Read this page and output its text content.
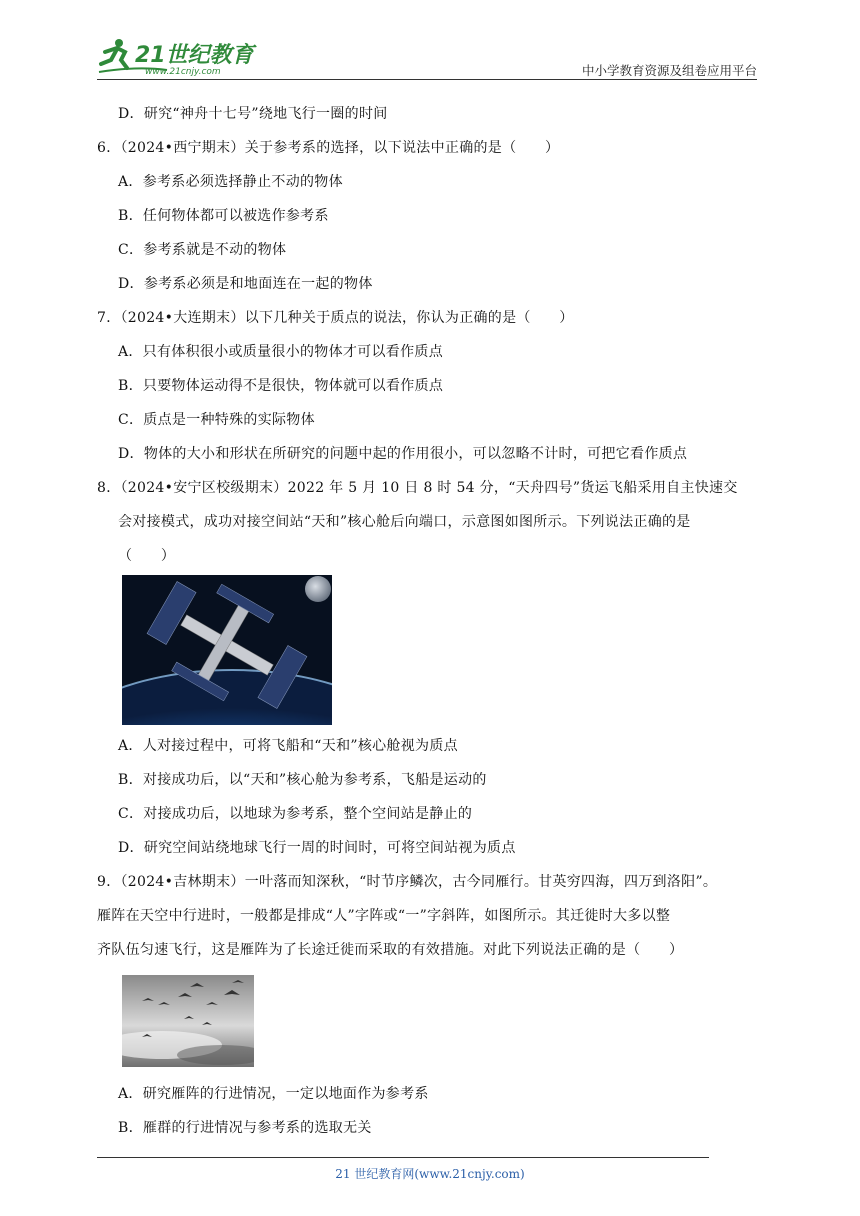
21世纪教育
www.21cnjy.com	中小学教育资源及组卷应用平台
D．研究“神舟十七号”绕地飞行一圈的时间
6．（2024•西宁期末）关于参考系的选择，以下说法中正确的是（　　）
A．参考系必须选择静止不动的物体
B．任何物体都可以被选作参考系
C．参考系就是不动的物体
D．参考系必须是和地面连在一起的物体
7．（2024•大连期末）以下几种关于质点的说法，你认为正确的是（　　）
A．只有体积很小或质量很小的物体才可以看作质点
B．只要物体运动得不是很快，物体就可以看作质点
C．质点是一种特殊的实际物体
D．物体的大小和形状在所研究的问题中起的作用很小，可以忽略不计时，可把它看作质点
8．（2024•安宁区校级期末）2022 年 5 月 10 日 8 时 54 分，“天舟四号”货运飞船采用自主快速交
会对接模式，成功对接空间站“天和”核心舱后向端口，示意图如图所示。下列说法正确的是
（　　）
A．人对接过程中，可将飞船和“天和”核心舱视为质点
B．对接成功后，以“天和”核心舱为参考系，飞船是运动的
C．对接成功后，以地球为参考系，整个空间站是静止的
D．研究空间站绕地球飞行一周的时间时，可将空间站视为质点
9．（2024•吉林期末）一叶落而知深秋，“时节序鳞次，古今同雁行。甘英穷四海，四万到洛阳”。
雁阵在天空中行进时，一般都是排成“人”字阵或“一”字斜阵，如图所示。其迁徙时大多以整
齐队伍匀速飞行，这是雁阵为了长途迁徙而采取的有效措施。对此下列说法正确的是（　　）
A．研究雁阵的行进情况，一定以地面作为参考系
B．雁群的行进情况与参考系的选取无关
21 世纪教育网(www.21cnjy.com)
